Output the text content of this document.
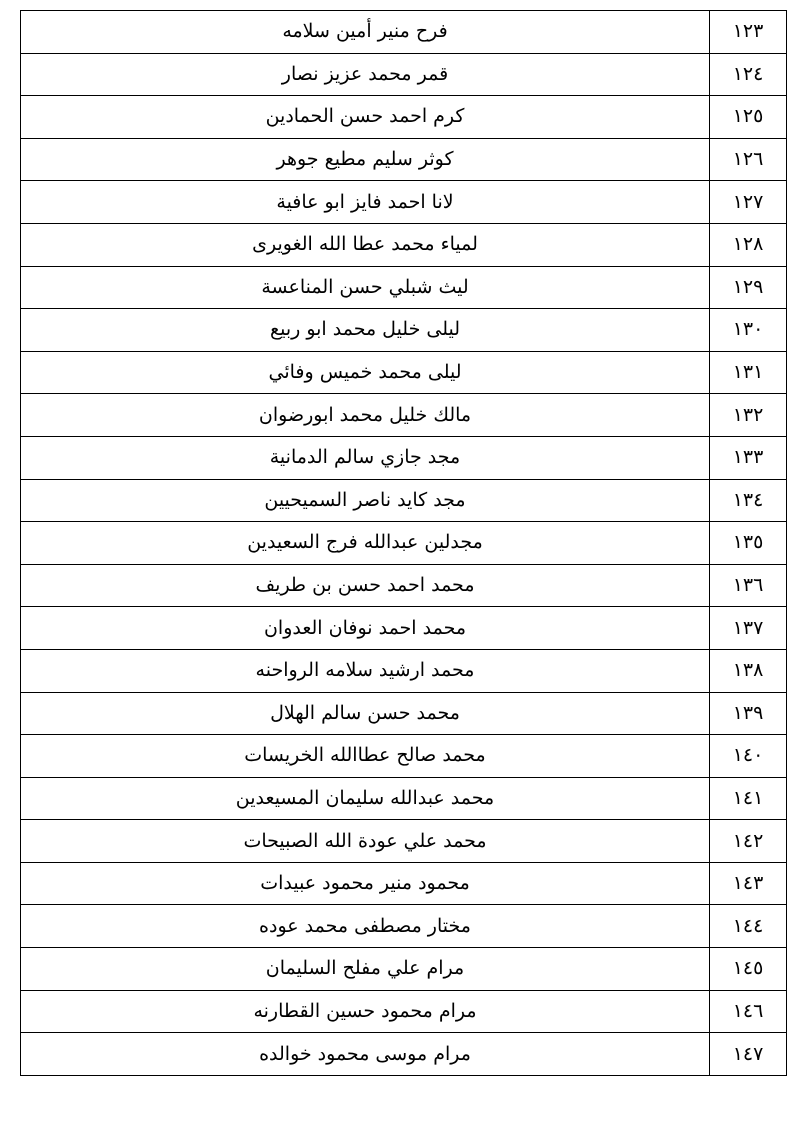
١٢٣	فرح منير أمين سلامه
١٢٤	قمر محمد عزيز نصار
١٢٥	كرم احمد حسن الحمادين
١٢٦	كوثر سليم مطيع جوهر
١٢٧	لانا احمد فايز ابو عافية
١٢٨	لمياء محمد عطا الله الغويرى
١٢٩	ليث شبلي حسن المناعسة
١٣٠	ليلى خليل محمد ابو ربيع
١٣١	ليلى محمد خميس وفائي
١٣٢	مالك خليل محمد ابورضوان
١٣٣	مجد جازي سالم الدمانية
١٣٤	مجد كايد ناصر السميحيين
١٣٥	مجدلين عبدالله فرج السعيدين
١٣٦	محمد احمد حسن بن طريف
١٣٧	محمد احمد نوفان العدوان
١٣٨	محمد ارشيد سلامه الرواحنه
١٣٩	محمد حسن سالم الهلال
١٤٠	محمد صالح عطاالله الخريسات
١٤١	محمد عبدالله سليمان المسيعدين
١٤٢	محمد علي عودة الله الصبيحات
١٤٣	محمود منير محمود عبيدات
١٤٤	مختار مصطفى محمد عوده
١٤٥	مرام علي مفلح السليمان
١٤٦	مرام محمود حسين القطارنه
١٤٧	مرام موسى محمود خوالده
